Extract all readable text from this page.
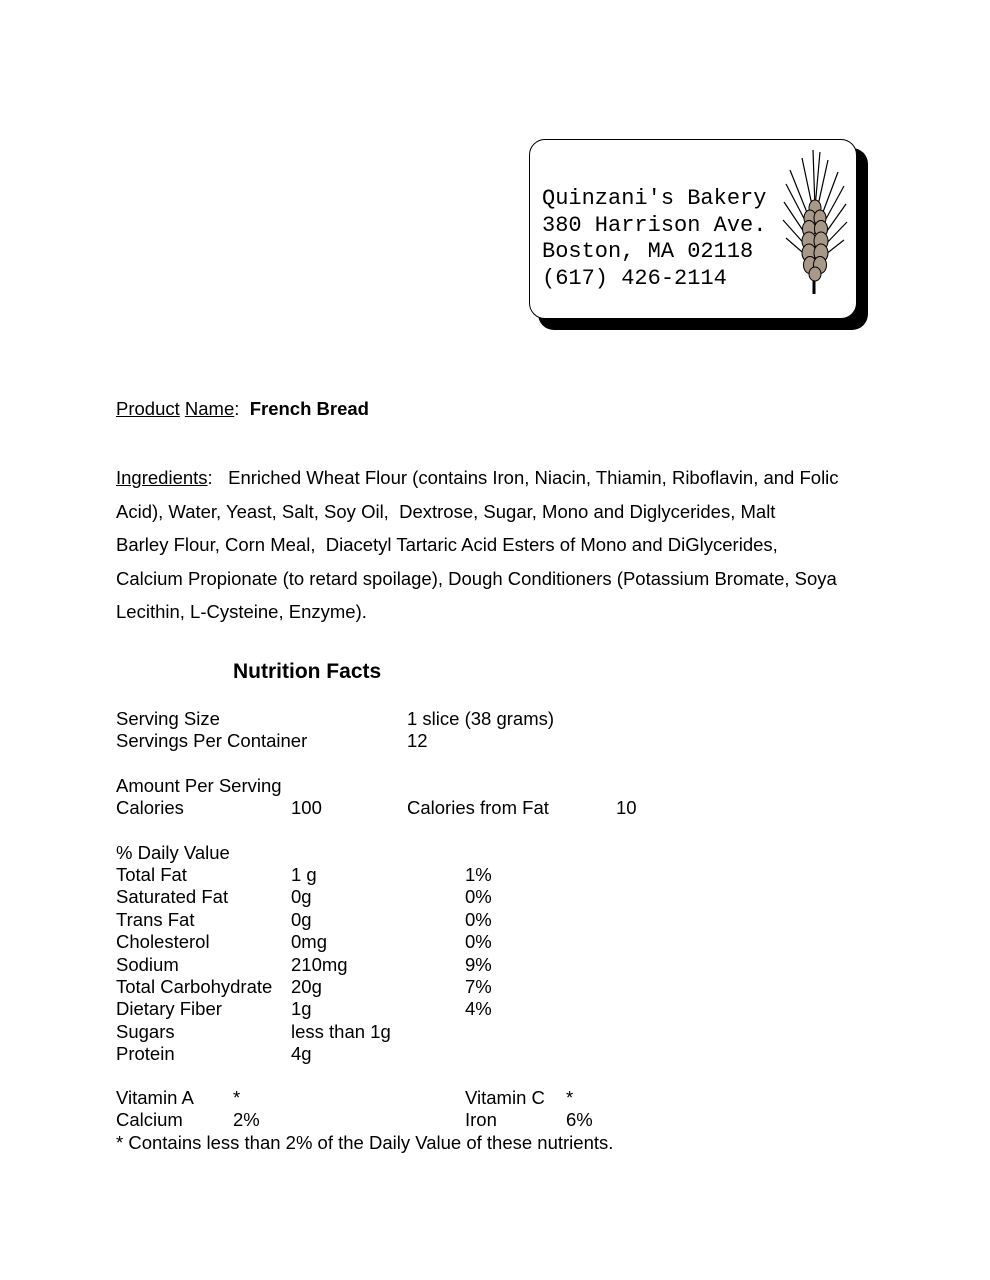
Quinzani's Bakery
380 Harrison Ave.
Boston, MA 02118
(617) 426-2114
Product Name:  French Bread
Ingredients:   Enriched Wheat Flour (contains Iron, Niacin, Thiamin, Riboflavin, and Folic
Acid), Water, Yeast, Salt, Soy Oil,  Dextrose, Sugar, Mono and Diglycerides, Malt
Barley Flour, Corn Meal,  Diacetyl Tartaric Acid Esters of Mono and DiGlycerides,
Calcium Propionate (to retard spoilage), Dough Conditioners (Potassium Bromate, Soya
Lecithin, L-Cysteine, Enzyme).
Nutrition Facts
Serving Size	1 slice (38 grams)
Servings Per Container	12
Amount Per Serving
Calories	100	Calories from Fat	10
% Daily Value
Total Fat	1 g	1%
Saturated Fat	0g	0%
Trans Fat	0g	0%
Cholesterol	0mg	0%
Sodium	210mg	9%
Total Carbohydrate 20g	7%
Dietary Fiber	1g	4%
Sugars	less than 1g
Protein	4g
Vitamin A *	Vitamin C *
Calcium	2%	Iron	6%
* Contains less than 2% of the Daily Value of these nutrients.
